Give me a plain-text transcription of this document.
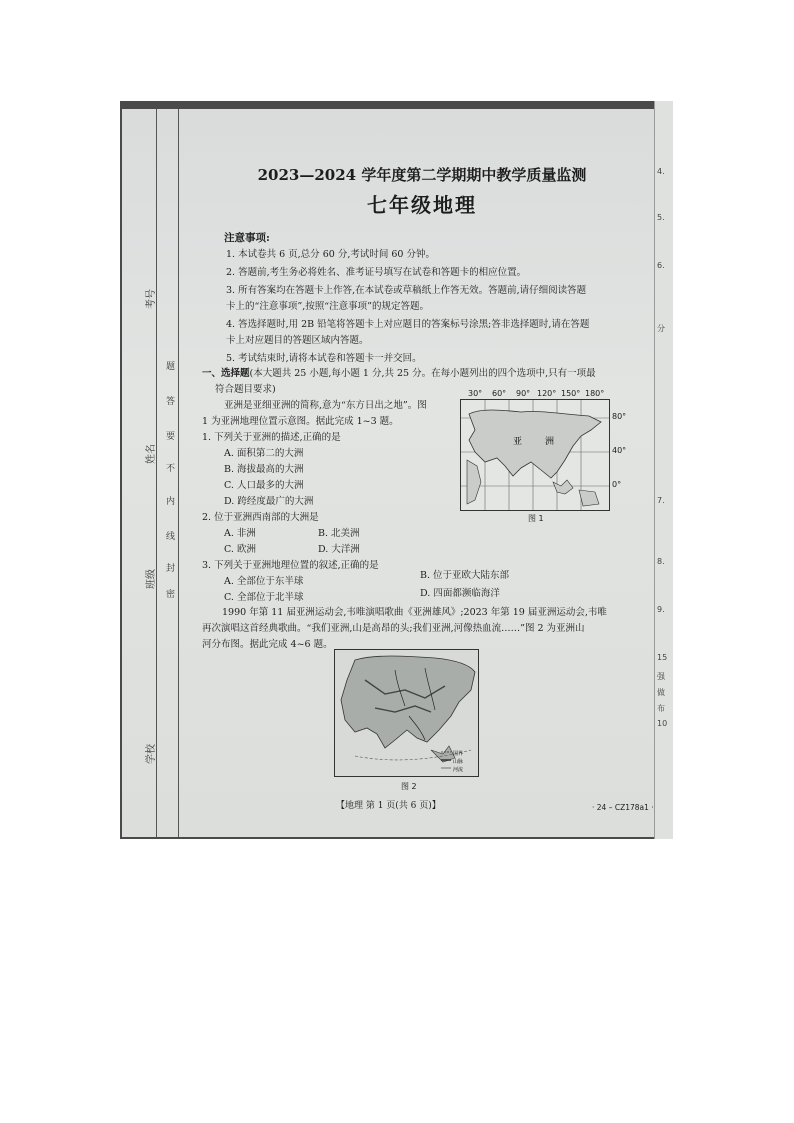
考号
姓名
班级
学校
题
答
要
不
内
线
封
密
2023—2024 学年度第二学期期中教学质量监测
七年级地理
注意事项:
1. 本试卷共 6 页,总分 60 分,考试时间 60 分钟。
2. 答题前,考生务必将姓名、准考证号填写在试卷和答题卡的相应位置。
3. 所有答案均在答题卡上作答,在本试卷或草稿纸上作答无效。答题前,请仔细阅读答题
卡上的“注意事项”,按照“注意事项”的规定答题。
4. 答选择题时,用 2B 铅笔将答题卡上对应题目的答案标号涂黑;答非选择题时,请在答题
卡上对应题目的答题区域内答题。
5. 考试结束时,请将本试卷和答题卡一并交回。
一、选择题(本大题共 25 小题,每小题 1 分,共 25 分。在每小题列出的四个选项中,只有一项最
符合题目要求)
亚洲是亚细亚洲的简称,意为“东方日出之地”。图
1 为亚洲地理位置示意图。据此完成 1~3 题。
1. 下列关于亚洲的描述,正确的是
A. 面积第二的大洲
B. 海拔最高的大洲
C. 人口最多的大洲
D. 跨经度最广的大洲
2. 位于亚洲西南部的大洲是
A. 非洲	B. 北美洲
C. 欧洲	D. 大洋洲
3. 下列关于亚洲地理位置的叙述,正确的是
A. 全部位于东半球
B. 位于亚欧大陆东部
C. 全部位于北半球	D. 四面都濒临海洋
1990 年第 11 届亚洲运动会,韦唯演唱歌曲《亚洲雄风》;2023 年第 19 届亚洲运动会,韦唯
再次演唱这首经典歌曲。“我们亚洲,山是高昂的头;我们亚洲,河像热血流……”图 2 为亚洲山
河分布图。据此完成 4~6 题。
亚	洲
30° 60° 90° 120° 150° 180°
80°
40°
0°
图 1
国界
山脉
河流
图 2
【地理 第 1 页(共 6 页)】	· 24 – CZ178a1 ·
4.
5.
6.
分
7.
8.
9.
15
强
做
布
10
